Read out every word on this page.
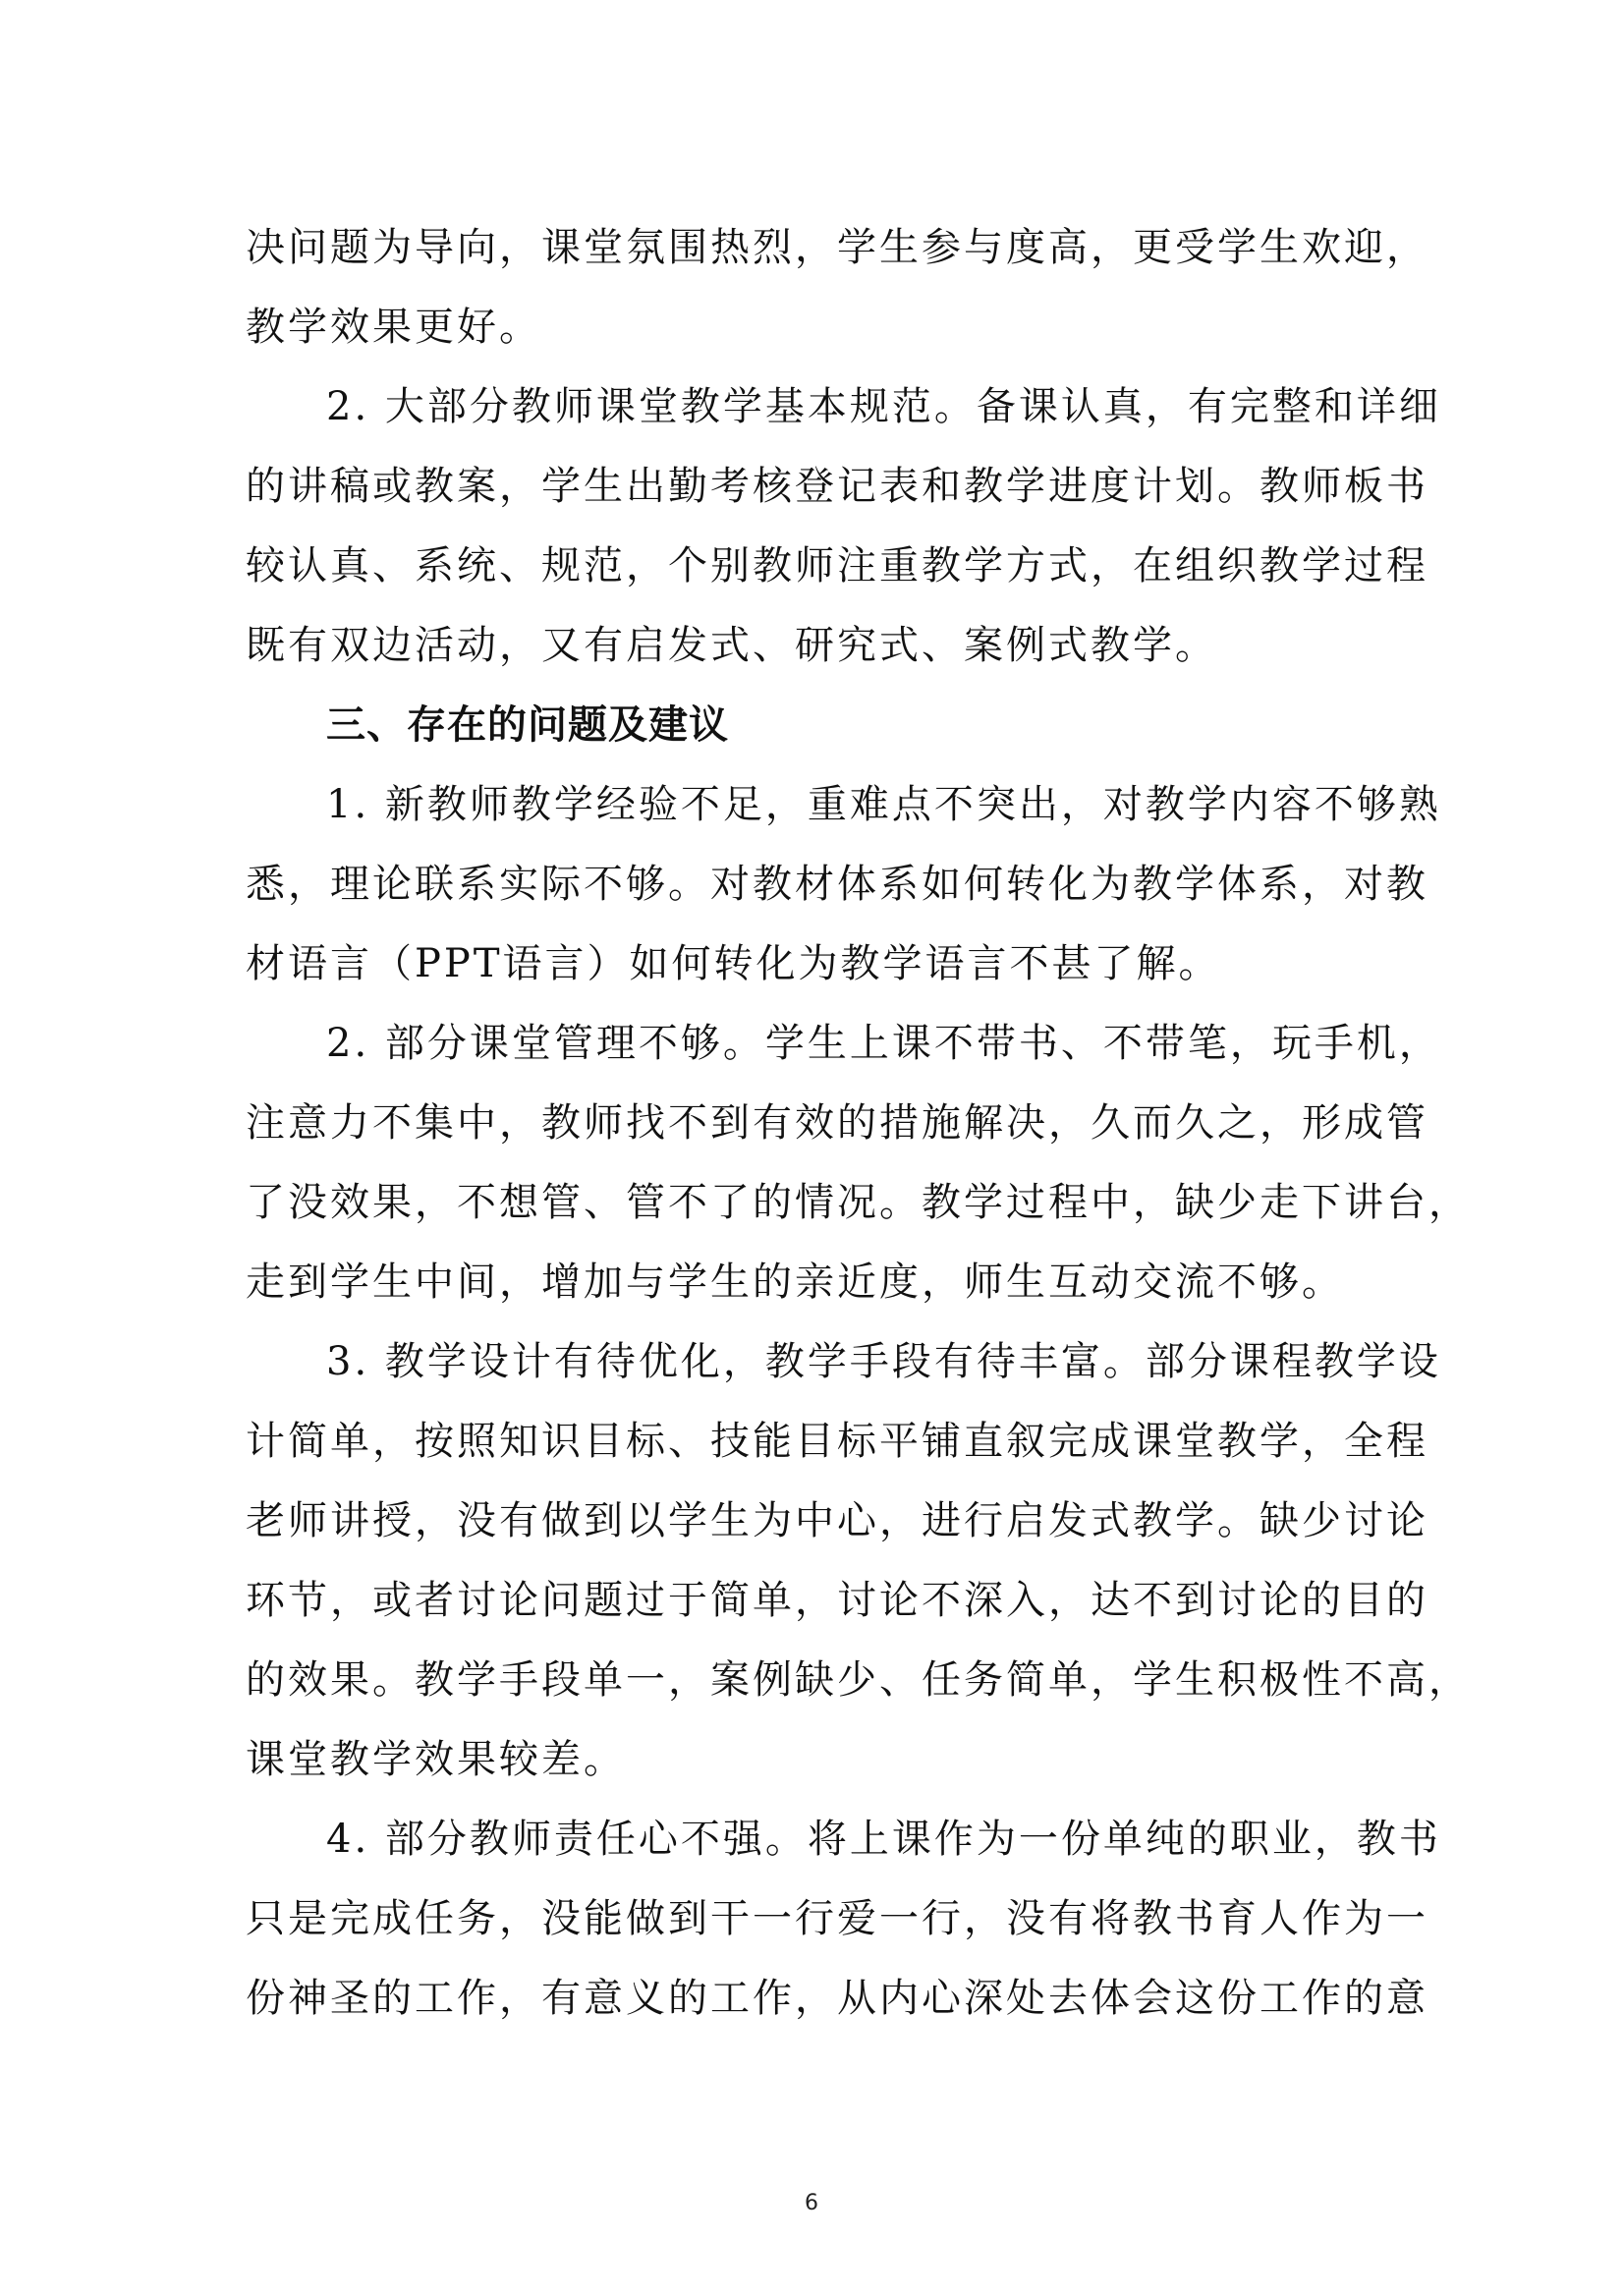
决问题为导向，课堂氛围热烈，学生参与度高，更受学生欢迎，
教学效果更好。
2. 大部分教师课堂教学基本规范。备课认真，有完整和详细
的讲稿或教案，学生出勤考核登记表和教学进度计划。教师板书
较认真、系统、规范，个别教师注重教学方式，在组织教学过程
既有双边活动，又有启发式、研究式、案例式教学。
三、存在的问题及建议
1. 新教师教学经验不足，重难点不突出，对教学内容不够熟
悉，理论联系实际不够。对教材体系如何转化为教学体系，对教
材语言（PPT语言）如何转化为教学语言不甚了解。
2. 部分课堂管理不够。学生上课不带书、不带笔，玩手机，
注意力不集中，教师找不到有效的措施解决，久而久之，形成管
了没效果，不想管、管不了的情况。教学过程中，缺少走下讲台，
走到学生中间，增加与学生的亲近度，师生互动交流不够。
3. 教学设计有待优化，教学手段有待丰富。部分课程教学设
计简单，按照知识目标、技能目标平铺直叙完成课堂教学，全程
老师讲授，没有做到以学生为中心，进行启发式教学。缺少讨论
环节，或者讨论问题过于简单，讨论不深入，达不到讨论的目的
的效果。教学手段单一，案例缺少、任务简单，学生积极性不高，
课堂教学效果较差。
4. 部分教师责任心不强。将上课作为一份单纯的职业，教书
只是完成任务，没能做到干一行爱一行，没有将教书育人作为一
份神圣的工作，有意义的工作，从内心深处去体会这份工作的意
6
